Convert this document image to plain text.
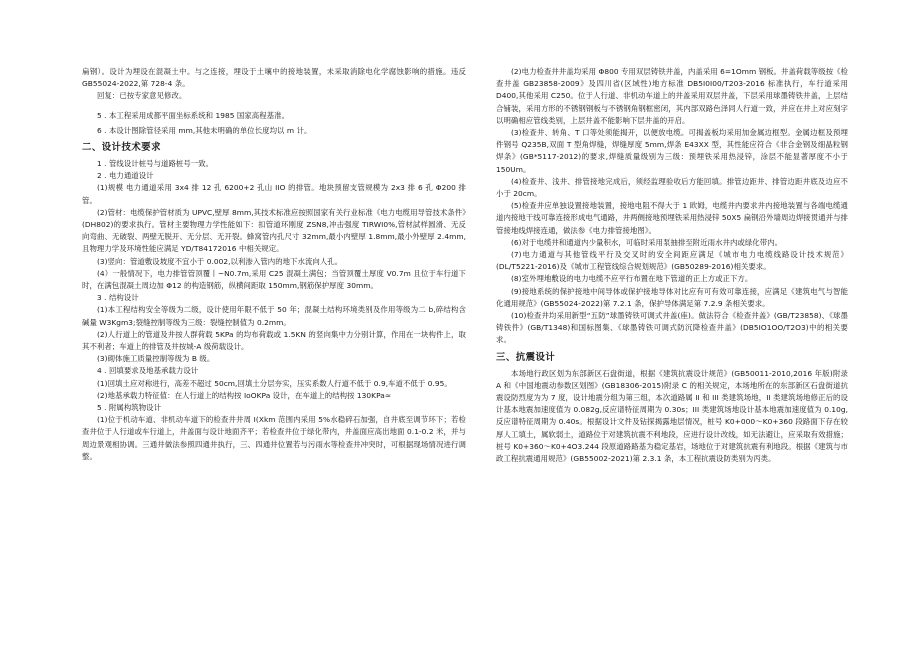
扁钢）。设计为埋设在混凝土中。与之连接，埋设于土壤中的接地装置，未采取消除电化学腐蚀影响的措施。违反 GB55024-2022,第 728-4 条。

回复：已按专家意见修改。

5 . 本工程采用成都平面坐标系统和 1985 国家高程基准。

6 . 本设计图除管径采用 mm,其他未明确的单位长度均以 m 计。

二、设计技术要求

1 . 管线设计桩号与道路桩号一致。

2 . 电力通道设计

(1)规模 电力通道采用 3x4 排 12 孔 6200+2 孔山 IIO 的排管。地块预留支管规模为 2x3 排 6 孔 Φ200 排管。

(2)管材：电缆保护管材质为 UPVC,壁厚 8mm,其技术标准应按照国家有关行业标准《电力电缆用导管技术条件》(DH802)的要求执行。管材主要物理力学性能如下：扣管道环刚度 ZSN8,冲击强度 TIRWI0%,管材試样圆滑、无反向弯曲、无破裂、两壁无脱开、无分层、无开裂。蜂窝管内孔尺寸 32mm,最小内壁厚 1.8mm,最小外壁厚 2.4mm,且物理力学及环境性能应满足 YD/T84172016 中相关规定。

(3)竖向：管道敷设坡度不宜小于 0.002,以利渗入管内的地下水流向人孔。

(4）一般情况下，电力排管管顶覆丨~N0.7m,采用 C25 混凝土满包；当管顶覆土厚度 V0.7m 且位于车行道下时，在满包混凝土周边加 Φ12 的构造钢筋，纵横间距取 150mm,钢筋保护厚度 30mm。

3 . 结构设计

(1)本工程结构安全等级为二级，设计使用年限不低于 50 年；混凝土结构环境类别及作用等级为二 b,碎结构含碱量 W3Kgm3;裂缝控制等级为三级：裂缝控制值为 0.2mm。

(2)人行道上的管道及井按人群荷载 5KPa 的均布荷载或 1.5KN 的竖向集中力分别计算，作用在一块构件上，取其不利者；车道上的排管及井按城-A 级荷载设计。

(3)砌体施工质量控制等级为 B 级。

4 . 回填要求及地基承载力设计

(1)回填土应对称进行，高差不超过 50cm,回填土分层夯实，压实系数人行道不低于 0.9,车道不低于 0.95。

(2)地基承载力特征值：在人行道上的结构按 IoOKPa 设计，在车道上的结构按 130KPa≈

5 . 附属构筑物设计

(1)位于机动车道、非机动车道下的检查井井周 I(Xkm 范围内采用 5%水稳碎石加强，自井底至调节环下；若检查井位于人行道或车行道上，井盖面与设计地面齐平；若检查井位于绿化带内，井盖面应高出地面 0.1-0.2 米，并与周边景观相协调。三通井做法参照四通井执行，三、四通井位置若与污雨水等检查井冲突时，可根据现场情况进行调整。

(2)电力检查井井盖均采用 Φ800 专用双层铸铁井盖，内盖采用 6=1Omm 钢板。井盖荷载等级按《检查井盖 GB23858-2009》及四川省(区域性)地方标准 DB5I0I00/T203-2016 标准执行，车行道采用 D400,其他采用 C250。位于人行道、非机动车道上的井盖采用双层井盖，下层采用球墨铸铁井盖，上层结合铺装，采用方形的不锈钢钢板与不锈钢角钢框密闭，其内部双路色泽同人行道一致，并应在井上对应刻字以明确相应管线类别，上层井盖不能影响下层井盖的开启。

(3)检查井、转角、T 口等处须能揭开，以便放电缆。可揭盖板均采用加金属边框型。金属边框及预埋件钢号 Q235B,双面 T 型角焊缝，焊缝厚度 5mm,焊条 E43XX 型，其性能应符合《非合金钢及细晶粒钢焊条》(GB*5117-2012)的要求,焊缝质量级别为三级：预埋铁采用热浸锌，涂层不能显著厚度不小于 150Um。

(4)检查井、浅井、排管接地完成后，须经监理验收后方能回填。排管边距井、排管边距井底及边应不小于 20cm。

(5)检查井应单独设置接地装置，接地电阻不得大于 1 欧姆，电缆井内要求井内接地装置与各端电缆通道内接地干线可靠连接形成电气通路，井两侧接地预埋铁采用热浸锌 50X5 扁钢沿外墙周边焊接贯通并与排管接地线焊接连通，做法参《电力排管接地图》。

(6)对于电缆井和通道内少量积水，可临时采用泵抽排至附近雨水井内或绿化带内。

(7)电力通道与其他管线平行及交叉时的安全间距应满足《城市电力电缆线路设计技术规范》(DL/T5221-2016)及《城市工程管线综合规划规范》(GB50289-2016)相关要求。

(8)室外埋地敷设的电力电缆不应平行布置在地下管道的正上方或正下方。

(9)接地系统的保护接地中间导体或保护接地导体对比应有可有效可靠连接，应满足《建筑电气与智能化通用规范》(GB55024-2022)第 7.2.1 条，保护导体满足第 7.2.9 条相关要求。

(10)检查井均采用新型“五防”球墨铸铁可调式井盖(座)。做法符合《检查井盖》(GB/T23858)、《球墨铸铁件》(GB/T1348)和国标图集、《球墨铸铁可调式防沉降检查井盖》(DB5IO1OO/T2O3)中的相关要求。

三、抗震设计

本场地行政区划为东部新区石盘街道，根据《建筑抗震设计规范》(GB50011-2010,2016 年版)附录 A 和《中国地震动参数区划图》(GB18306-2015)附录 C 的相关规定，本场地所在的东部新区石盘街道抗震设防烈度为为 7 度，设计地震分组为第三组，本次道路属 II 和 III 类建筑场地，II 类建筑场地修正后的设计基本地震加速度值为 0.082g,反应谱特征周期为 0.30s；III 类建筑场地设计基本地震加速度值为 0.10g,反应谱特征周期为 0.40s。根据设计文件及钻探揭露地层情况，桩号 K0+000～K0+360 段路面下存在较厚人工填土，属软弱土，道路位于对建筑抗震不利地段，应进行设计改线，如无法避让，应采取有效措施；桩号 K0+360～K0+4O3.244 段原道路路基为稳定基岩，场地位于对建筑抗震有利地段。根据《建筑与市政工程抗震通用规范》(GB55002-2021)第 2.3.1 条，本工程抗震设防类别为丙类。
